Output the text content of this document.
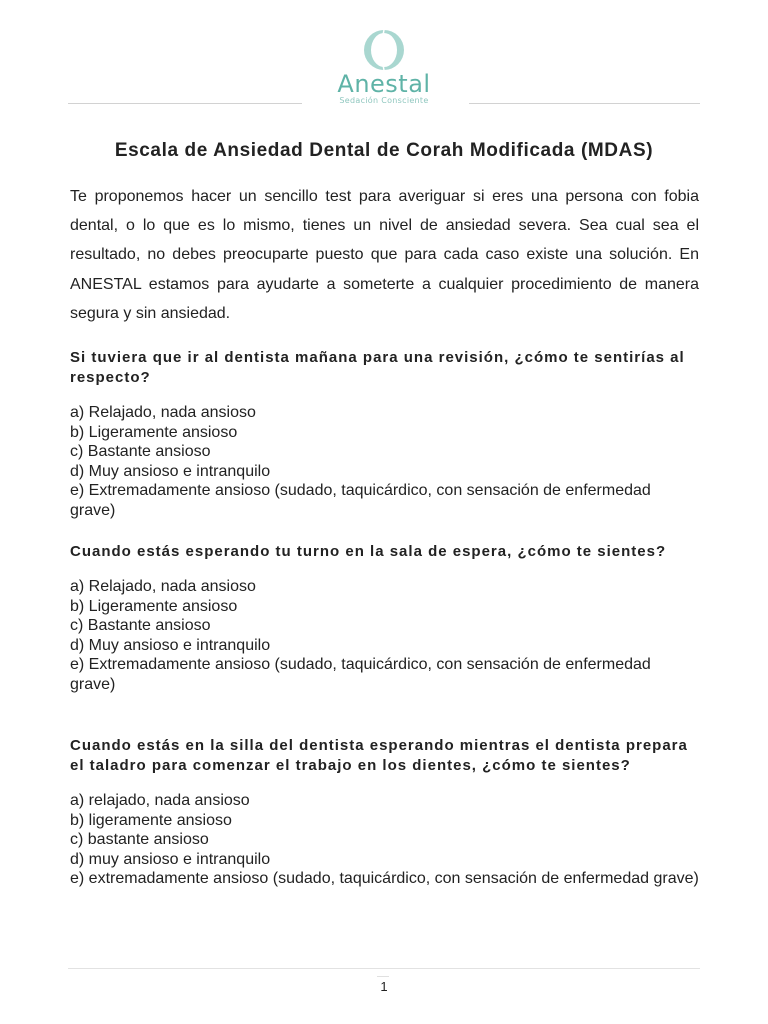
Anestal
Sedación Consciente
Escala de Ansiedad Dental de Corah Modificada (MDAS)

Te proponemos hacer un sencillo test para averiguar si eres una persona con fobia dental, o lo que es lo mismo, tienes un nivel de ansiedad severa. Sea cual sea el resultado, no debes preocuparte puesto que para cada caso existe una solución. En ANESTAL estamos para ayudarte a someterte a cualquier procedimiento de manera segura y sin ansiedad.

Si tuviera que ir al dentista mañana para una revisión, ¿cómo te sentirías al respecto?

a) Relajado, nada ansioso
b) Ligeramente ansioso
c) Bastante ansioso
d) Muy ansioso e intranquilo
e) Extremadamente ansioso (sudado, taquicárdico, con sensación de enfermedad grave)

Cuando estás esperando tu turno en la sala de espera, ¿cómo te sientes?

a) Relajado, nada ansioso
b) Ligeramente ansioso
c) Bastante ansioso
d) Muy ansioso e intranquilo
e) Extremadamente ansioso (sudado, taquicárdico, con sensación de enfermedad grave)

Cuando estás en la silla del dentista esperando mientras el dentista prepara el taladro para comenzar el trabajo en los dientes, ¿cómo te sientes?

a) relajado, nada ansioso
b) ligeramente ansioso
c) bastante ansioso
d) muy ansioso e intranquilo
e) extremadamente ansioso (sudado, taquicárdico, con sensación de enfermedad grave)
1
